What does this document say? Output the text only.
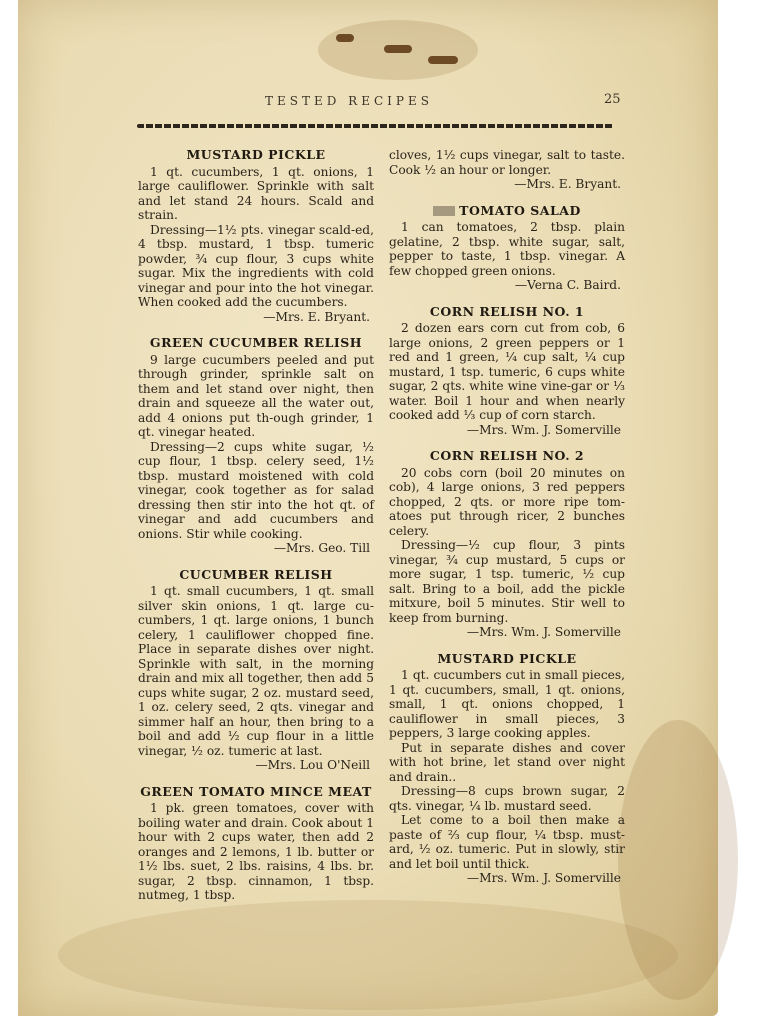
TESTED RECIPES	25
MUSTARD PICKLE

1 qt. cucumbers, 1 qt. onions, 1 large cauliflower. Sprinkle with salt and let stand 24 hours. Scald and strain.

Dressing—1½ pts. vinegar scald-ed, 4 tbsp. mustard, 1 tbsp. tumeric powder, ¾ cup flour, 3 cups white sugar. Mix the ingredients with cold vinegar and pour into the hot vinegar. When cooked add the cucumbers.

—Mrs. E. Bryant.
GREEN CUCUMBER RELISH

9 large cucumbers peeled and put through grinder, sprinkle salt on them and let stand over night, then drain and squeeze all the water out, add 4 onions put th-ough grinder, 1 qt. vinegar heated.

Dressing—2 cups white sugar, ½ cup flour, 1 tbsp. celery seed, 1½ tbsp. mustard moistened with cold vinegar, cook together as for salad dressing then stir into the hot qt. of vinegar and add cucumbers and onions. Stir while cooking.

—Mrs. Geo. Till
CUCUMBER RELISH

1 qt. small cucumbers, 1 qt. small silver skin onions, 1 qt. large cu-cumbers, 1 qt. large onions, 1 bunch celery, 1 cauliflower chopped fine. Place in separate dishes over night. Sprinkle with salt, in the morning drain and mix all together, then add 5 cups white sugar, 2 oz. mustard seed, 1 oz. celery seed, 2 qts. vinegar and simmer half an hour, then bring to a boil and add ½ cup flour in a little vinegar, ½ oz. tumeric at last.

—Mrs. Lou O'Neill
GREEN TOMATO MINCE MEAT

1 pk. green tomatoes, cover with boiling water and drain. Cook about 1 hour with 2 cups water, then add 2 oranges and 2 lemons, 1 lb. butter or 1½ lbs. suet, 2 lbs. raisins, 4 lbs. br. sugar, 2 tbsp. cinnamon, 1 tbsp. nutmeg, 1 tbsp.

cloves, 1½ cups vinegar, salt to taste. Cook ½ an hour or longer.

—Mrs. E. Bryant.
TOMATO SALAD

1 can tomatoes, 2 tbsp. plain gelatine, 2 tbsp. white sugar, salt, pepper to taste, 1 tbsp. vinegar. A few chopped green onions.

—Verna C. Baird.
CORN RELISH NO. 1

2 dozen ears corn cut from cob, 6 large onions, 2 green peppers or 1 red and 1 green, ¼ cup salt, ¼ cup mustard, 1 tsp. tumeric, 6 cups white sugar, 2 qts. white wine vine-gar or ⅓ water. Boil 1 hour and when nearly cooked add ⅓ cup of corn starch.

—Mrs. Wm. J. Somerville
CORN RELISH NO. 2

20 cobs corn (boil 20 minutes on cob), 4 large onions, 3 red peppers chopped, 2 qts. or more ripe tom-atoes put through ricer, 2 bunches celery.

Dressing—½ cup flour, 3 pints vinegar, ¾ cup mustard, 5 cups or more sugar, 1 tsp. tumeric, ½ cup salt. Bring to a boil, add the pickle mitxure, boil 5 minutes. Stir well to keep from burning.

—Mrs. Wm. J. Somerville
MUSTARD PICKLE

1 qt. cucumbers cut in small pieces, 1 qt. cucumbers, small, 1 qt. onions, small, 1 qt. onions chopped, 1 cauliflower in small pieces, 3 peppers, 3 large cooking apples.

Put in separate dishes and cover with hot brine, let stand over night and drain..

Dressing—8 cups brown sugar, 2 qts. vinegar, ¼ lb. mustard seed.

Let come to a boil then make a paste of ⅔ cup flour, ¼ tbsp. must-ard, ½ oz. tumeric. Put in slowly, stir and let boil until thick.

—Mrs. Wm. J. Somerville
